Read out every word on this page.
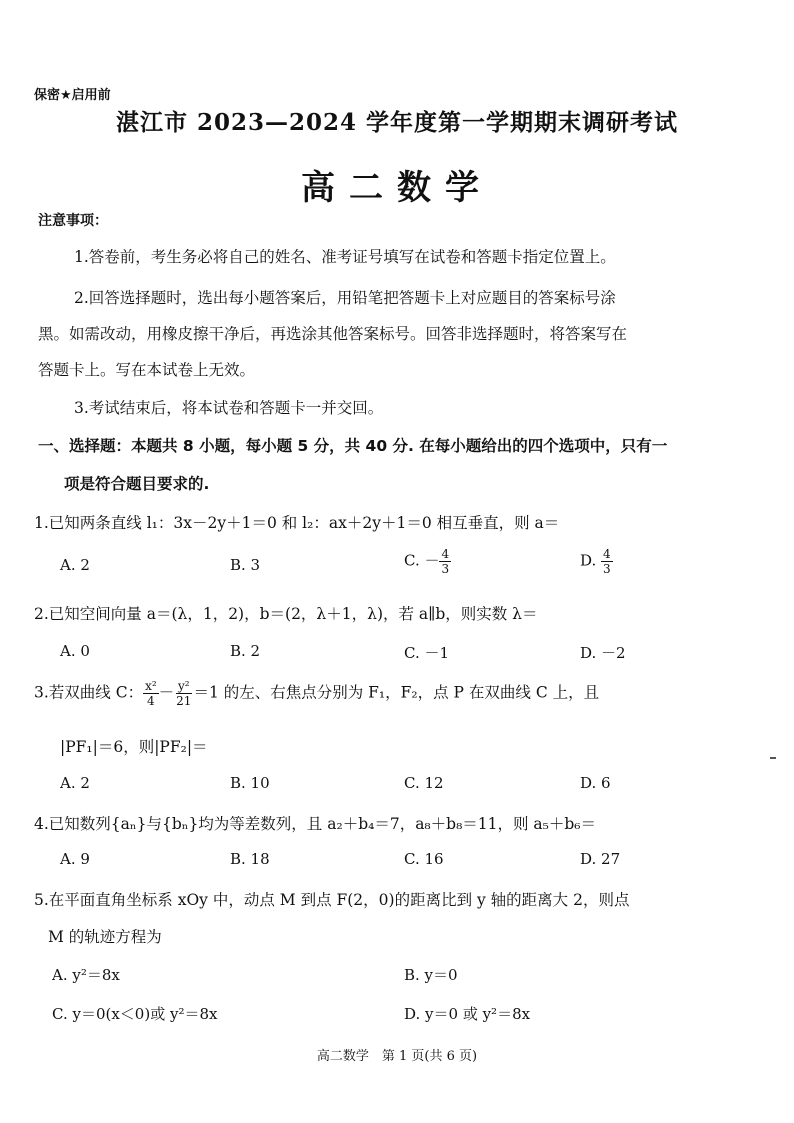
保密★启用前
湛江市 2023—2024 学年度第一学期期末调研考试
高二数学
注意事项：
1.答卷前，考生务必将自己的姓名、准考证号填写在试卷和答题卡指定位置上。
2.回答选择题时，选出每小题答案后，用铅笔把答题卡上对应题目的答案标号涂
黑。如需改动，用橡皮擦干净后，再选涂其他答案标号。回答非选择题时，将答案写在
答题卡上。写在本试卷上无效。
3.考试结束后，将本试卷和答题卡一并交回。
一、选择题：本题共 8 小题，每小题 5 分，共 40 分. 在每小题给出的四个选项中，只有一
项是符合题目要求的.
1.已知两条直线 l₁：3x－2y＋1＝0 和 l₂：ax＋2y＋1＝0 相互垂直，则 a＝
A. 2	B. 3	C. － $\frac{4}{3}$	D. $\frac{4}{3}$
2.已知空间向量 a＝(λ，1，2)，b＝(2，λ＋1，λ)，若 a∥b，则实数 λ＝
A. 0	B. 2	C. －1	D. －2
3.若双曲线 C： $\frac{\text{x²}}{4} - \frac{\text{y²}}{21} =1$ 的左、右焦点分别为 F₁，F₂，点 P 在双曲线 C 上，且
|PF₁|＝6，则|PF₂|＝
A. 2	B. 10	C. 12	D. 6
4.已知数列{aₙ}与{bₙ}均为等差数列，且 a₂＋b₄＝7，a₈＋b₈＝11，则 a₅＋b₆＝
A. 9	B. 18	C. 16	D. 27
5.在平面直角坐标系 xOy 中，动点 M 到点 F(2，0)的距离比到 y 轴的距离大 2，则点
M 的轨迹方程为
A. y²＝8x	B. y＝0
C. y＝0(x＜0)或 y²＝8x	D. y＝0 或 y²＝8x
高二数学　第 1 页(共 6 页)
